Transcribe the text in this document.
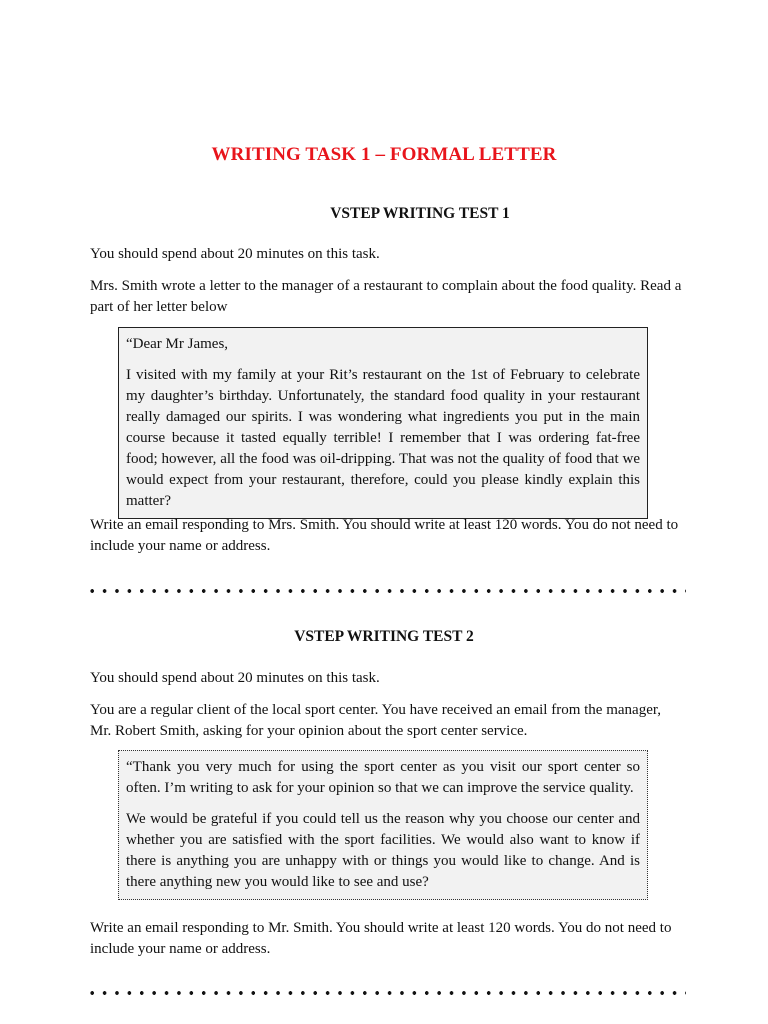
WRITING TASK 1 – FORMAL LETTER
VSTEP WRITING TEST 1
You should spend about 20 minutes on this task.
Mrs. Smith wrote a letter to the manager of a restaurant to complain about the food quality. Read a part of her letter below

“Dear Mr James,

I visited with my family at your Rit’s restaurant on the 1st of February to celebrate my daughter’s birthday. Unfortunately, the standard food quality in your restaurant really damaged our spirits. I was wondering what ingredients you put in the main course because it tasted equally terrible! I remember that I was ordering fat-free food; however, all the food was oil-dripping. That was not the quality of food that we would expect from your restaurant, therefore, could you please kindly explain this matter?

Write an email responding to Mrs. Smith. You should write at least 120 words. You do not need to include your name or address.
VSTEP WRITING TEST 2
You should spend about 20 minutes on this task.
You are a regular client of the local sport center. You have received an email from the manager, Mr. Robert Smith, asking for your opinion about the sport center service.

“Thank you very much for using the sport center as you visit our sport center so often. I’m writing to ask for your opinion so that we can improve the service quality.

We would be grateful if you could tell us the reason why you choose our center and whether you are satisfied with the sport facilities. We would also want to know if there is anything you are unhappy with or things you would like to change. And is there anything new you would like to see and use?

Write an email responding to Mr. Smith. You should write at least 120 words. You do not need to include your name or address.
